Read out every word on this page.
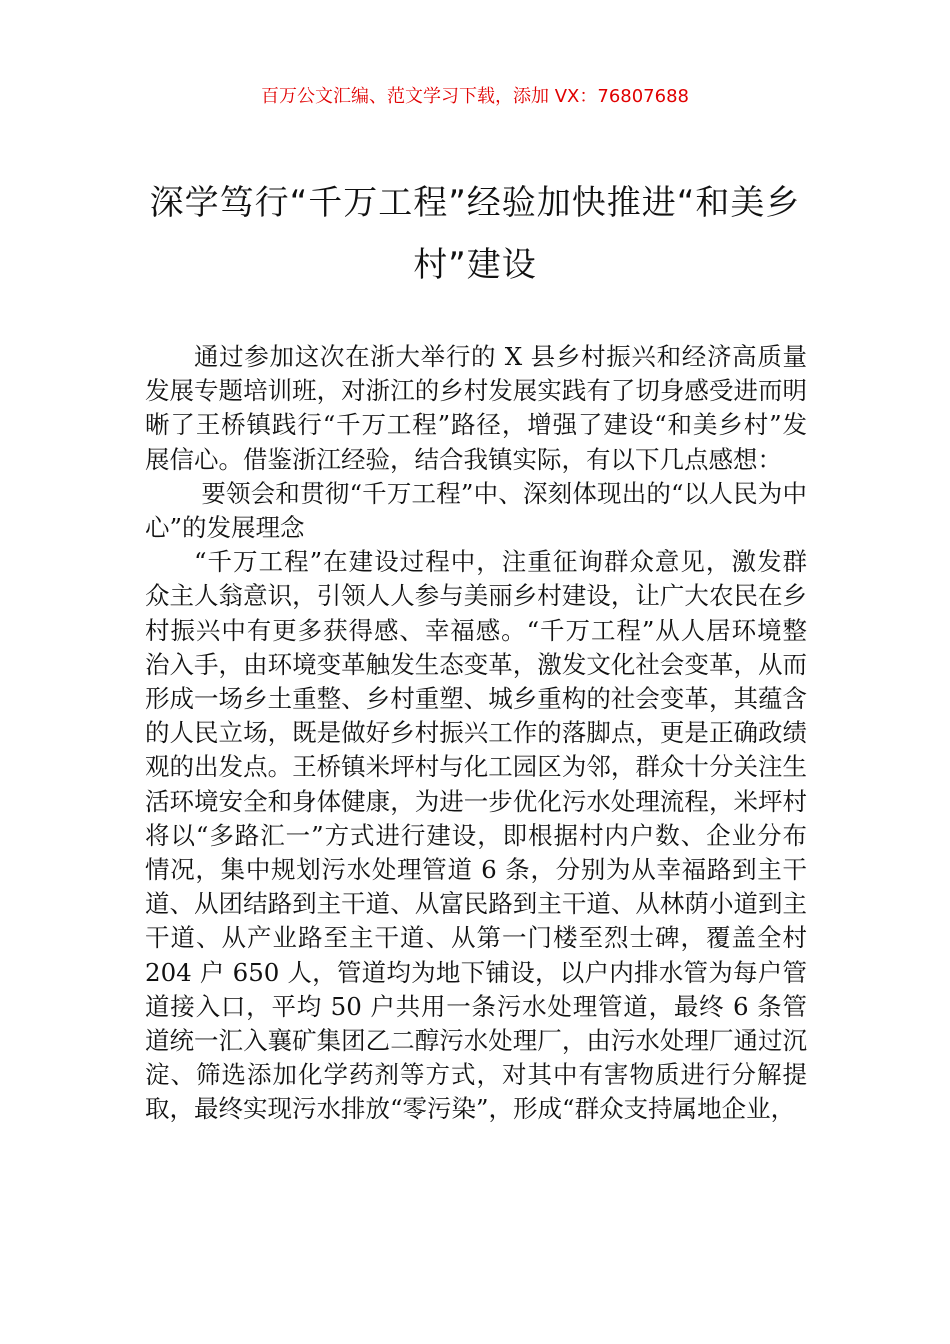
百万公文汇编、范文学习下载，添加 VX：76807688
深学笃行“千万工程”经验加快推进“和美乡村”建设

通过参加这次在浙大举行的 X 县乡村振兴和经济高质量发展专题培训班，对浙江的乡村发展实践有了切身感受进而明晰了王桥镇践行“千万工程”路径，增强了建设“和美乡村”发展信心。借鉴浙江经验，结合我镇实际，有以下几点感想：

要领会和贯彻“千万工程”中、深刻体现出的“以人民为中心”的发展理念

“千万工程”在建设过程中，注重征询群众意见，激发群众主人翁意识，引领人人参与美丽乡村建设，让广大农民在乡村振兴中有更多获得感、幸福感。“千万工程”从人居环境整治入手，由环境变革触发生态变革，激发文化社会变革，从而形成一场乡土重整、乡村重塑、城乡重构的社会变革，其蕴含的人民立场，既是做好乡村振兴工作的落脚点，更是正确政绩观的出发点。王桥镇米坪村与化工园区为邻，群众十分关注生活环境安全和身体健康，为进一步优化污水处理流程，米坪村将以“多路汇一”方式进行建设，即根据村内户数、企业分布情况，集中规划污水处理管道 6 条，分别为从幸福路到主干道、从团结路到主干道、从富民路到主干道、从林荫小道到主干道、从产业路至主干道、从第一门楼至烈士碑，覆盖全村 204 户 650 人，管道均为地下铺设，以户内排水管为每户管道接入口，平均 50 户共用一条污水处理管道，最终 6 条管道统一汇入襄矿集团乙二醇污水处理厂，由污水处理厂通过沉淀、筛选添加化学药剂等方式，对其中有害物质进行分解提取，最终实现污水排放“零污染”，形成“群众支持属地企业，
